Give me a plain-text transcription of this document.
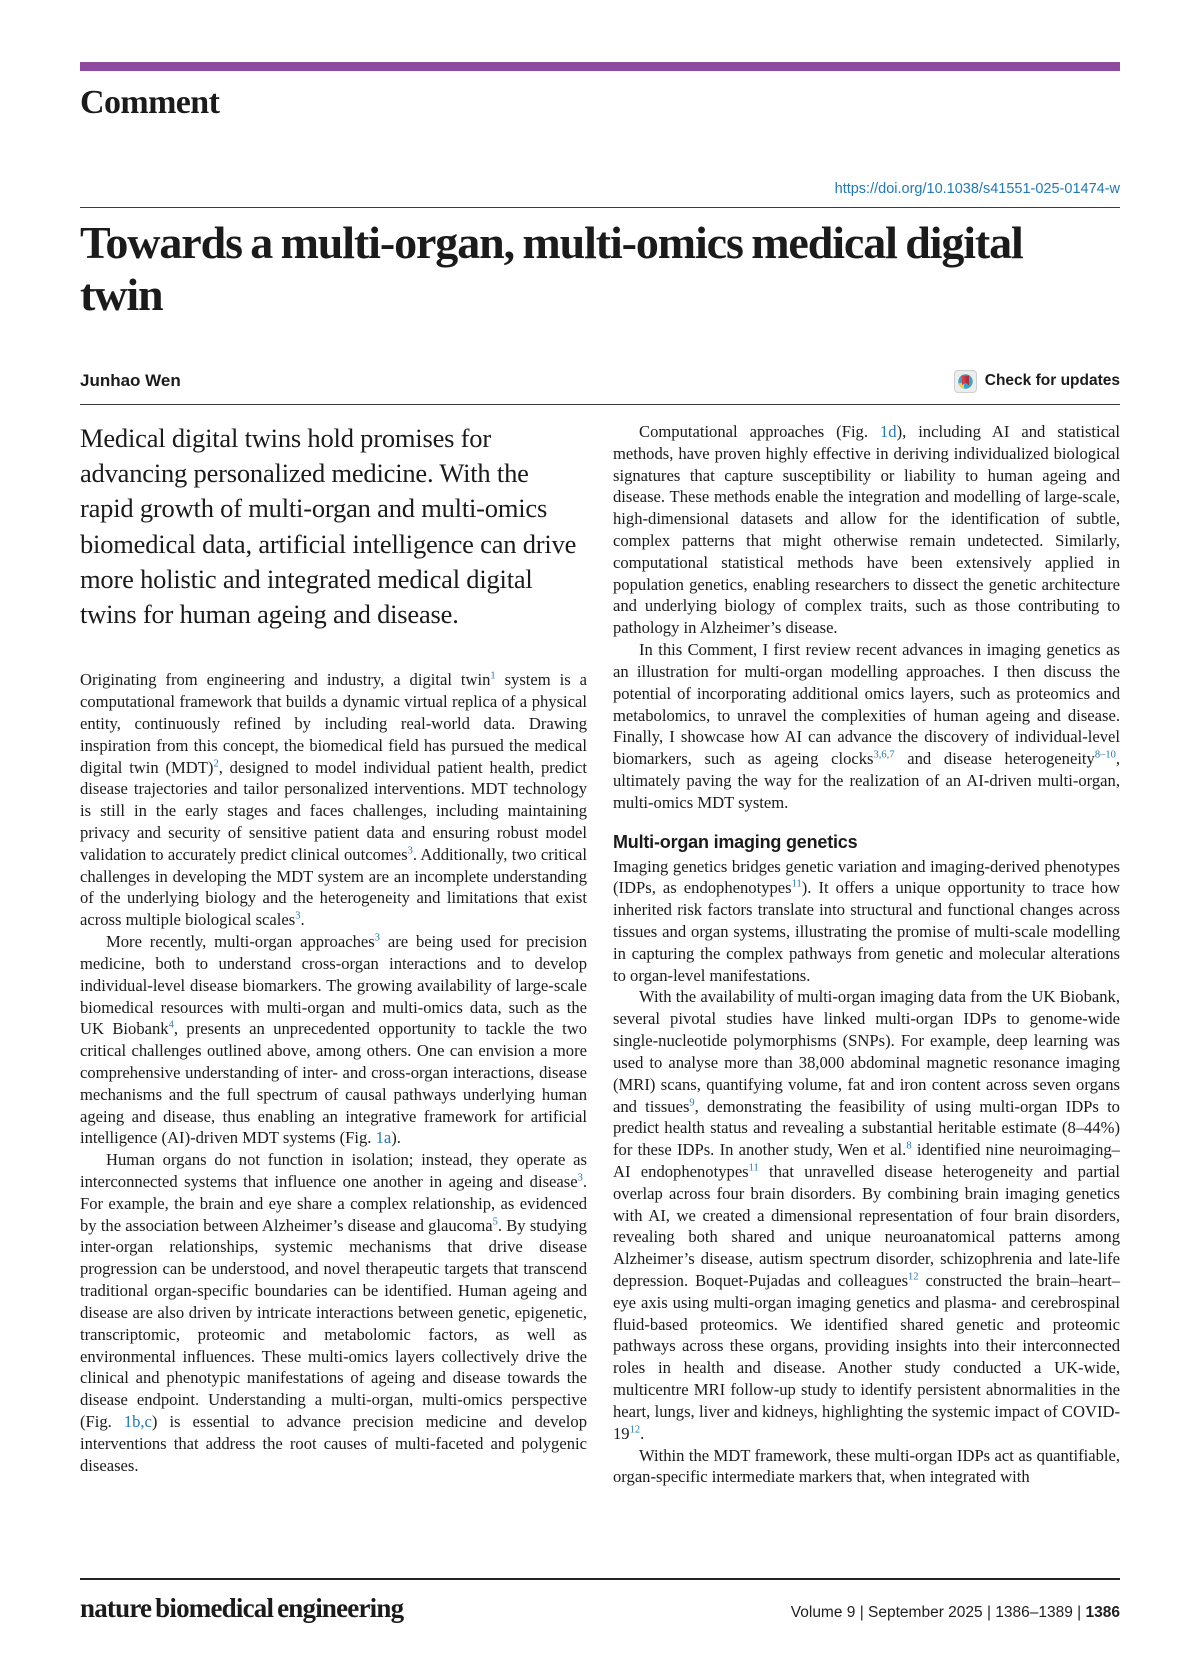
Comment
https://doi.org/10.1038/s41551-025-01474-w
Towards a multi-organ, multi-omics medical digital twin
Junhao Wen	Check for updates

Medical digital twins hold promises for advancing personalized medicine. With the rapid growth of multi-organ and multi-omics biomedical data, artificial intelligence can drive more holistic and integrated medical digital twins for human ageing and disease.

Originating from engineering and industry, a digital twin$^1$ system is a computational framework that builds a dynamic virtual replica of a physical entity, continuously refined by including real-world data. Drawing inspiration from this concept, the biomedical field has pursued the medical digital twin (MDT)$^2$, designed to model individual patient health, predict disease trajectories and tailor personalized interventions. MDT technology is still in the early stages and faces challenges, including maintaining privacy and security of sensitive patient data and ensuring robust model validation to accurately predict clinical outcomes$^3$. Additionally, two critical challenges in developing the MDT system are an incomplete understanding of the underlying biology and the heterogeneity and limitations that exist across multiple biological scales$^3$.

More recently, multi-organ approaches$^3$ are being used for precision medicine, both to understand cross-organ interactions and to develop individual-level disease biomarkers. The growing availability of large-scale biomedical resources with multi-organ and multi-omics data, such as the UK Biobank$^4$, presents an unprecedented opportunity to tackle the two critical challenges outlined above, among others. One can envision a more comprehensive understanding of inter- and cross-organ interactions, disease mechanisms and the full spectrum of causal pathways underlying human ageing and disease, thus enabling an integrative framework for artificial intelligence (AI)-driven MDT systems (Fig. 1a).

Human organs do not function in isolation; instead, they operate as interconnected systems that influence one another in ageing and disease$^3$. For example, the brain and eye share a complex relationship, as evidenced by the association between Alzheimer’s disease and glaucoma$^5$. By studying inter-organ relationships, systemic mechanisms that drive disease progression can be understood, and novel therapeutic targets that transcend traditional organ-specific boundaries can be identified. Human ageing and disease are also driven by intricate interactions between genetic, epigenetic, transcriptomic, proteomic and metabolomic factors, as well as environmental influences. These multi-omics layers collectively drive the clinical and phenotypic manifestations of ageing and disease towards the disease endpoint. Understanding a multi-organ, multi-omics perspective (Fig. 1b,c) is essential to advance precision medicine and develop interventions that address the root causes of multi-faceted and polygenic diseases.

Computational approaches (Fig. 1d), including AI and statistical methods, have proven highly effective in deriving individualized biological signatures that capture susceptibility or liability to human ageing and disease. These methods enable the integration and modelling of large-scale, high-dimensional datasets and allow for the identification of subtle, complex patterns that might otherwise remain undetected. Similarly, computational statistical methods have been extensively applied in population genetics, enabling researchers to dissect the genetic architecture and underlying biology of complex traits, such as those contributing to pathology in Alzheimer’s disease.

In this Comment, I first review recent advances in imaging genetics as an illustration for multi-organ modelling approaches. I then discuss the potential of incorporating additional omics layers, such as proteomics and metabolomics, to unravel the complexities of human ageing and disease. Finally, I showcase how AI can advance the discovery of individual-level biomarkers, such as ageing clocks$^{3,6,7}$ and disease heterogeneity$^{8-10}$, ultimately paving the way for the realization of an AI-driven multi-organ, multi-omics MDT system.

Multi-organ imaging genetics

Imaging genetics bridges genetic variation and imaging-derived phenotypes (IDPs, as endophenotypes$^{11}$). It offers a unique opportunity to trace how inherited risk factors translate into structural and functional changes across tissues and organ systems, illustrating the promise of multi-scale modelling in capturing the complex pathways from genetic and molecular alterations to organ-level manifestations.

With the availability of multi-organ imaging data from the UK Biobank, several pivotal studies have linked multi-organ IDPs to genome-wide single-nucleotide polymorphisms (SNPs). For example, deep learning was used to analyse more than 38,000 abdominal magnetic resonance imaging (MRI) scans, quantifying volume, fat and iron content across seven organs and tissues$^9$, demonstrating the feasibility of using multi-organ IDPs to predict health status and revealing a substantial heritable estimate (8–44%) for these IDPs. In another study, Wen et al.$^8$ identified nine neuroimaging–AI endophenotypes$^{11}$ that unravelled disease heterogeneity and partial overlap across four brain disorders. By combining brain imaging genetics with AI, we created a dimensional representation of four brain disorders, revealing both shared and unique neuroanatomical patterns among Alzheimer’s disease, autism spectrum disorder, schizophrenia and late-life depression. Boquet-Pujadas and colleagues$^{12}$ constructed the brain–heart–eye axis using multi-organ imaging genetics and plasma- and cerebrospinal fluid-based proteomics. We identified shared genetic and proteomic pathways across these organs, providing insights into their interconnected roles in health and disease. Another study conducted a UK-wide, multicentre MRI follow-up study to identify persistent abnormalities in the heart, lungs, liver and kidneys, highlighting the systemic impact of COVID-19$^{12}$.

Within the MDT framework, these multi-organ IDPs act as quantifiable, organ-specific intermediate markers that, when integrated with

nature biomedical engineering	Volume 9 | September 2025 | 1386–1389 | 1386
